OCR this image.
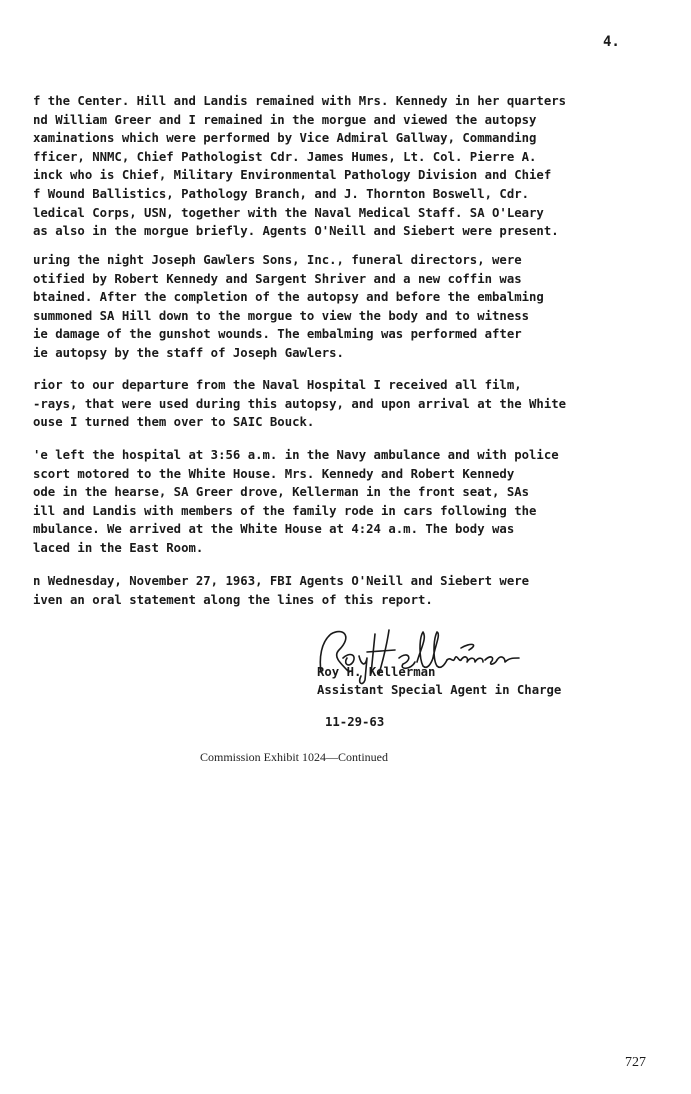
4.
f the Center. Hill and Landis remained with Mrs. Kennedy in her quarters
nd William Greer and I remained in the morgue and viewed the autopsy
xaminations which were performed by Vice Admiral Gallway, Commanding
fficer, NNMC, Chief Pathologist Cdr. James Humes, Lt. Col. Pierre A.
inck who is Chief, Military Environmental Pathology Division and Chief
f Wound Ballistics, Pathology Branch, and J. Thornton Boswell, Cdr.
ledical Corps, USN, together with the Naval Medical Staff. SA O'Leary
as also in the morgue briefly. Agents O'Neill and Siebert were present.
uring the night Joseph Gawlers Sons, Inc., funeral directors, were
otified by Robert Kennedy and Sargent Shriver and a new coffin was
btained. After the completion of the autopsy and before the embalming
summoned SA Hill down to the morgue to view the body and to witness
ie damage of the gunshot wounds. The embalming was performed after
ie autopsy by the staff of Joseph Gawlers.
rior to our departure from the Naval Hospital I received all film,
-rays, that were used during this autopsy, and upon arrival at the White
ouse I turned them over to SAIC Bouck.
'e left the hospital at 3:56 a.m. in the Navy ambulance and with police
scort motored to the White House. Mrs. Kennedy and Robert Kennedy
ode in the hearse, SA Greer drove, Kellerman in the front seat, SAs
ill and Landis with members of the family rode in cars following the
mbulance. We arrived at the White House at 4:24 a.m. The body was
laced in the East Room.
n Wednesday, November 27, 1963, FBI Agents O'Neill and Siebert were
iven an oral statement along the lines of this report.
Roy H. Kellerman
Assistant Special Agent in Charge
11-29-63
Commission Exhibit 1024—Continued
727
